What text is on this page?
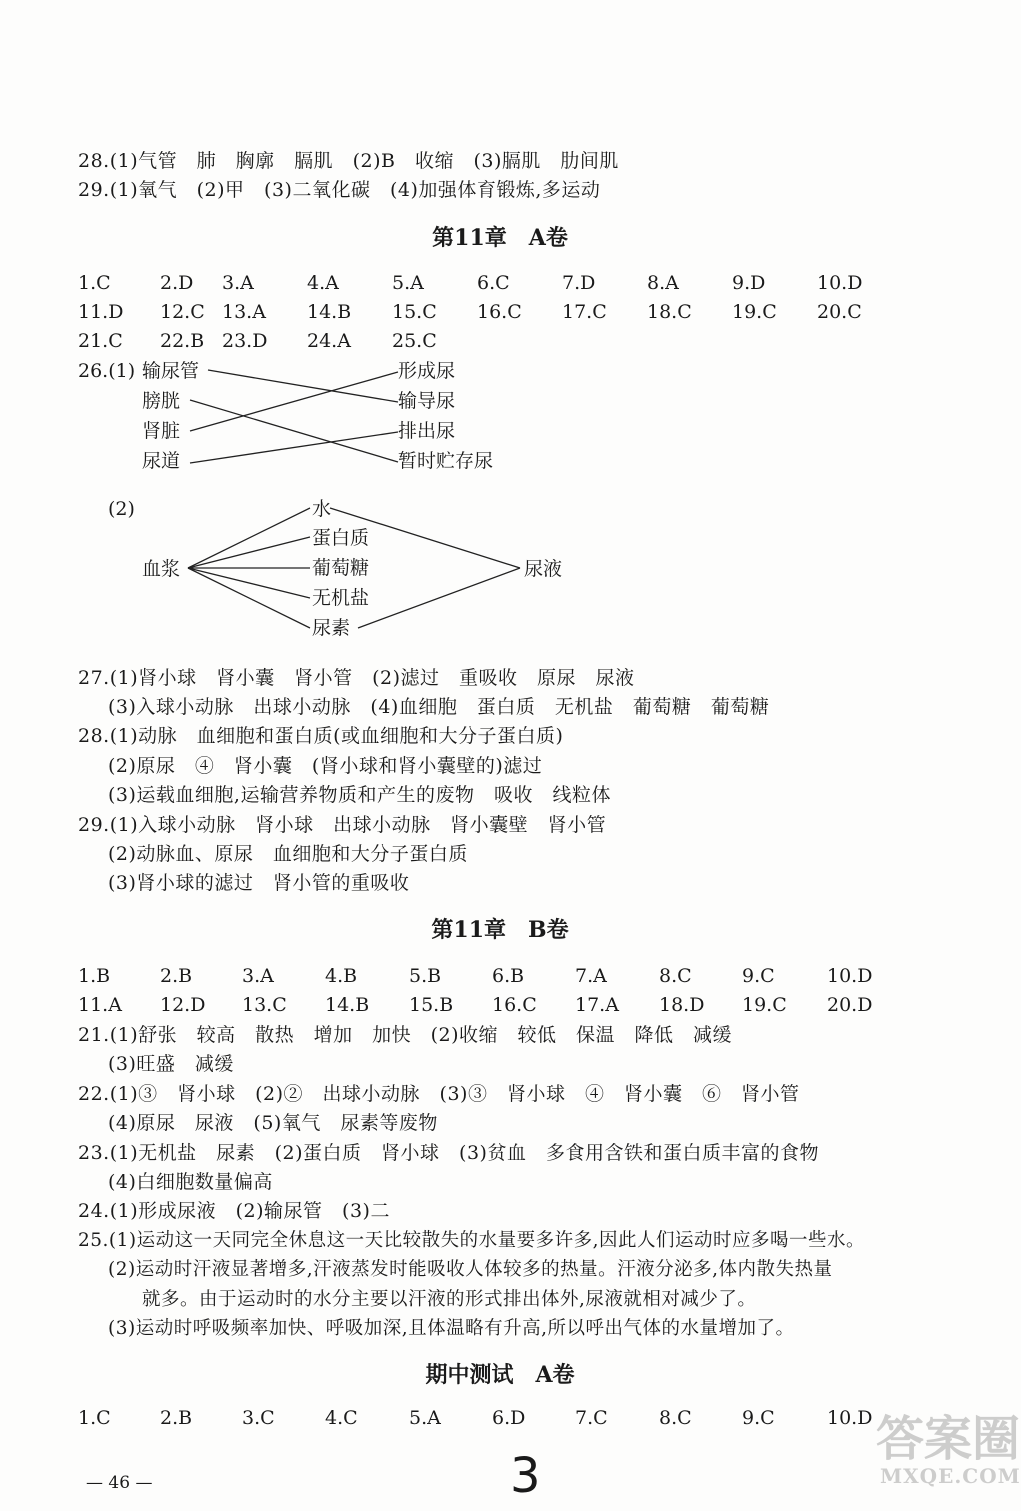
28.(1)气管　肺　胸廓　膈肌　(2)B　收缩　(3)膈肌　肋间肌
29.(1)氧气　(2)甲　(3)二氧化碳　(4)加强体育锻炼,多运动
第11章　A卷
1.C	2.D 3.A	4.A	5.A	6.C	7.D	8.A	9.D	10.D
11.D 12.C 13.A 14.B 15.C 16.C 17.C 18.C 19.C 20.C
21.C 22.B 23.D 24.A 25.C
26.(1) 输尿管
膀胱
肾脏
尿道
形成尿
输导尿
排出尿
暂时贮存尿
(2)
血浆
水
蛋白质
葡萄糖
无机盐
尿素
尿液
27.(1)肾小球　肾小囊　肾小管　(2)滤过　重吸收　原尿　尿液
(3)入球小动脉　出球小动脉　(4)血细胞　蛋白质　无机盐　葡萄糖　葡萄糖
28.(1)动脉　血细胞和蛋白质(或血细胞和大分子蛋白质)
(2)原尿　④　肾小囊　(肾小球和肾小囊壁的)滤过
(3)运载血细胞,运输营养物质和产生的废物　吸收　线粒体
29.(1)入球小动脉　肾小球　出球小动脉　肾小囊壁　肾小管
(2)动脉血、原尿　血细胞和大分子蛋白质
(3)肾小球的滤过　肾小管的重吸收
第11章　B卷
1.B	2.B	3.A	4.B	5.B	6.B	7.A	8.C	9.C	10.D
11.A 12.D 13.C 14.B 15.B 16.C 17.A 18.D 19.C 20.D
21.(1)舒张　较高　散热　增加　加快　(2)收缩　较低　保温　降低　减缓
(3)旺盛　减缓
22.(1)③　肾小球　(2)②　出球小动脉　(3)③　肾小球　④　肾小囊　⑥　肾小管
(4)原尿　尿液　(5)氧气　尿素等废物
23.(1)无机盐　尿素　(2)蛋白质　肾小球　(3)贫血　多食用含铁和蛋白质丰富的食物
(4)白细胞数量偏高
24.(1)形成尿液　(2)输尿管　(3)二
25.(1)运动这一天同完全休息这一天比较散失的水量要多许多,因此人们运动时应多喝一些水。
(2)运动时汗液显著增多,汗液蒸发时能吸收人体较多的热量。汗液分泌多,体内散失热量
就多。由于运动时的水分主要以汗液的形式排出体外,尿液就相对减少了。
(3)运动时呼吸频率加快、呼吸加深,且体温略有升高,所以呼出气体的水量增加了。
期中测试　A卷
1.C	2.B	3.C	4.C	5.A	6.D	7.C	8.C	9.C	10.D
— 46 —	3
答案圈
MXQE.COM
